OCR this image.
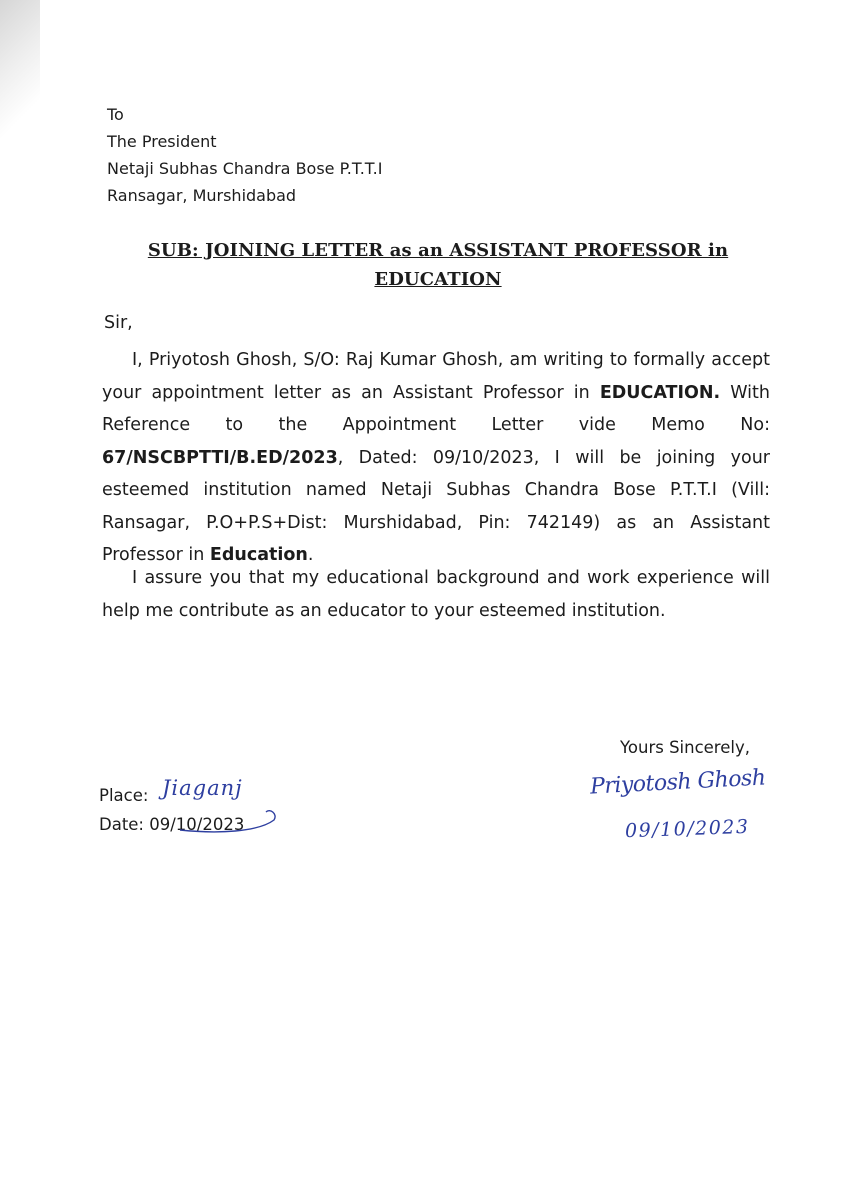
To
The President
Netaji Subhas Chandra Bose P.T.T.I
Ransagar, Murshidabad
SUB: JOINING LETTER as an ASSISTANT PROFESSOR in
EDUCATION
Sir,

I, Priyotosh Ghosh, S/O: Raj Kumar Ghosh, am writing to formally accept your appointment letter as an Assistant Professor in EDUCATION. With Reference to the Appointment Letter vide Memo No: 67/NSCBPTTI/B.ED/2023, Dated: 09/10/2023, I will be joining your esteemed institution named Netaji Subhas Chandra Bose P.T.T.I (Vill: Ransagar, P.O+P.S+Dist: Murshidabad, Pin: 742149) as an Assistant Professor in Education.

I assure you that my educational background and work experience will help me contribute as an educator to your esteemed institution.

Yours Sincerely,
Place:
Date: 09/10/2023
Jiaganj	Priyotosh Ghosh
09/10/2023
